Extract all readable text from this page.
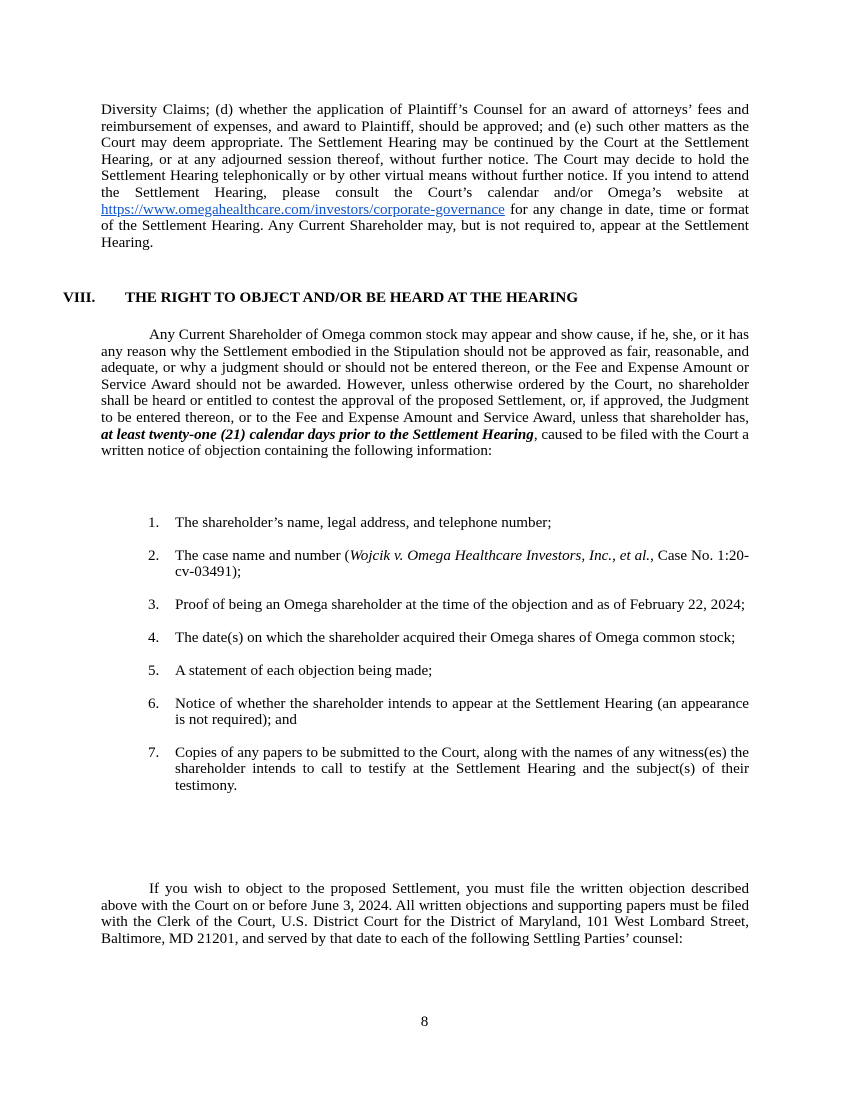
Diversity Claims; (d) whether the application of Plaintiff’s Counsel for an award of attorneys’ fees and reimbursement of expenses, and award to Plaintiff, should be approved; and (e) such other matters as the Court may deem appropriate. The Settlement Hearing may be continued by the Court at the Settlement Hearing, or at any adjourned session thereof, without further notice. The Court may decide to hold the Settlement Hearing telephonically or by other virtual means without further notice. If you intend to attend the Settlement Hearing, please consult the Court’s calendar and/or Omega’s website at https://www.omegahealthcare.com/investors/corporate-governance for any change in date, time or format of the Settlement Hearing. Any Current Shareholder may, but is not required to, appear at the Settlement Hearing.

VIII. THE RIGHT TO OBJECT AND/OR BE HEARD AT THE HEARING

Any Current Shareholder of Omega common stock may appear and show cause, if he, she, or it has any reason why the Settlement embodied in the Stipulation should not be approved as fair, reasonable, and adequate, or why a judgment should or should not be entered thereon, or the Fee and Expense Amount or Service Award should not be awarded. However, unless otherwise ordered by the Court, no shareholder shall be heard or entitled to contest the approval of the proposed Settlement, or, if approved, the Judgment to be entered thereon, or to the Fee and Expense Amount and Service Award, unless that shareholder has, at least twenty-one (21) calendar days prior to the Settlement Hearing, caused to be filed with the Court a written notice of objection containing the following information:

1. The shareholder’s name, legal address, and telephone number;
2. The case name and number (Wojcik v. Omega Healthcare Investors, Inc., et al., Case No. 1:20-cv-03491);
3. Proof of being an Omega shareholder at the time of the objection and as of February 22, 2024;
4. The date(s) on which the shareholder acquired their Omega shares of Omega common stock;
5. A statement of each objection being made;
6. Notice of whether the shareholder intends to appear at the Settlement Hearing (an appearance is not required); and
7. Copies of any papers to be submitted to the Court, along with the names of any witness(es) the shareholder intends to call to testify at the Settlement Hearing and the subject(s) of their testimony.

If you wish to object to the proposed Settlement, you must file the written objection described above with the Court on or before June 3, 2024. All written objections and supporting papers must be filed with the Clerk of the Court, U.S. District Court for the District of Maryland, 101 West Lombard Street, Baltimore, MD 21201, and served by that date to each of the following Settling Parties’ counsel:

8
